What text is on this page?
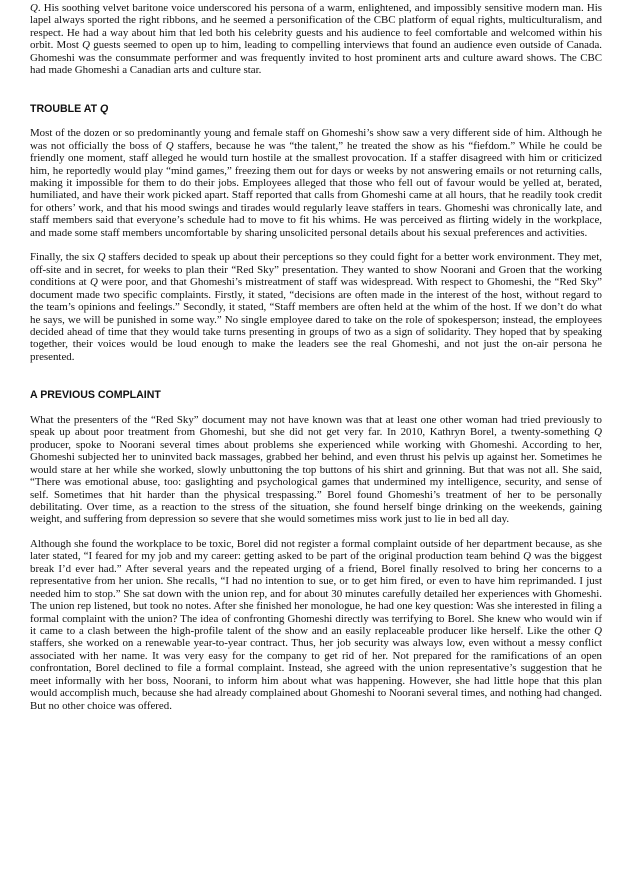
Q. His soothing velvet baritone voice underscored his persona of a warm, enlightened, and impossibly sensitive modern man. His lapel always sported the right ribbons, and he seemed a personification of the CBC platform of equal rights, multiculturalism, and respect. He had a way about him that led both his celebrity guests and his audience to feel comfortable and welcomed within his orbit. Most Q guests seemed to open up to him, leading to compelling interviews that found an audience even outside of Canada. Ghomeshi was the consummate performer and was frequently invited to host prominent arts and culture award shows. The CBC had made Ghomeshi a Canadian arts and culture star.

TROUBLE AT Q

Most of the dozen or so predominantly young and female staff on Ghomeshi’s show saw a very different side of him. Although he was not officially the boss of Q staffers, because he was “the talent,” he treated the show as his “fiefdom.” While he could be friendly one moment, staff alleged he would turn hostile at the smallest provocation. If a staffer disagreed with him or criticized him, he reportedly would play “mind games,” freezing them out for days or weeks by not answering emails or not returning calls, making it impossible for them to do their jobs. Employees alleged that those who fell out of favour would be yelled at, berated, humiliated, and have their work picked apart. Staff reported that calls from Ghomeshi came at all hours, that he readily took credit for others’ work, and that his mood swings and tirades would regularly leave staffers in tears. Ghomeshi was chronically late, and staff members said that everyone’s schedule had to move to fit his whims. He was perceived as flirting widely in the workplace, and made some staff members uncomfortable by sharing unsolicited personal details about his sexual preferences and activities.

Finally, the six Q staffers decided to speak up about their perceptions so they could fight for a better work environment. They met, off-site and in secret, for weeks to plan their “Red Sky” presentation. They wanted to show Noorani and Groen that the working conditions at Q were poor, and that Ghomeshi’s mistreatment of staff was widespread. With respect to Ghomeshi, the “Red Sky” document made two specific complaints. Firstly, it stated, “decisions are often made in the interest of the host, without regard to the team’s opinions and feelings.” Secondly, it stated, “Staff members are often held at the whim of the host. If we don’t do what he says, we will be punished in some way.” No single employee dared to take on the role of spokesperson; instead, the employees decided ahead of time that they would take turns presenting in groups of two as a sign of solidarity. They hoped that by speaking together, their voices would be loud enough to make the leaders see the real Ghomeshi, and not just the on-air persona he presented.

A PREVIOUS COMPLAINT

What the presenters of the “Red Sky” document may not have known was that at least one other woman had tried previously to speak up about poor treatment from Ghomeshi, but she did not get very far. In 2010, Kathryn Borel, a twenty-something Q producer, spoke to Noorani several times about problems she experienced while working with Ghomeshi. According to her, Ghomeshi subjected her to uninvited back massages, grabbed her behind, and even thrust his pelvis up against her. Sometimes he would stare at her while she worked, slowly unbuttoning the top buttons of his shirt and grinning. But that was not all. She said, “There was emotional abuse, too: gaslighting and psychological games that undermined my intelligence, security, and sense of self. Sometimes that hit harder than the physical trespassing.” Borel found Ghomeshi’s treatment of her to be personally debilitating. Over time, as a reaction to the stress of the situation, she found herself binge drinking on the weekends, gaining weight, and suffering from depression so severe that she would sometimes miss work just to lie in bed all day.

Although she found the workplace to be toxic, Borel did not register a formal complaint outside of her department because, as she later stated, “I feared for my job and my career: getting asked to be part of the original production team behind Q was the biggest break I’d ever had.” After several years and the repeated urging of a friend, Borel finally resolved to bring her concerns to a representative from her union. She recalls, “I had no intention to sue, or to get him fired, or even to have him reprimanded. I just needed him to stop.” She sat down with the union rep, and for about 30 minutes carefully detailed her experiences with Ghomeshi. The union rep listened, but took no notes. After she finished her monologue, he had one key question: Was she interested in filing a formal complaint with the union? The idea of confronting Ghomeshi directly was terrifying to Borel. She knew who would win if it came to a clash between the high-profile talent of the show and an easily replaceable producer like herself. Like the other Q staffers, she worked on a renewable year-to-year contract. Thus, her job security was always low, even without a messy conflict associated with her name. It was very easy for the company to get rid of her. Not prepared for the ramifications of an open confrontation, Borel declined to file a formal complaint. Instead, she agreed with the union representative’s suggestion that he meet informally with her boss, Noorani, to inform him about what was happening. However, she had little hope that this plan would accomplish much, because she had already complained about Ghomeshi to Noorani several times, and nothing had changed. But no other choice was offered.
